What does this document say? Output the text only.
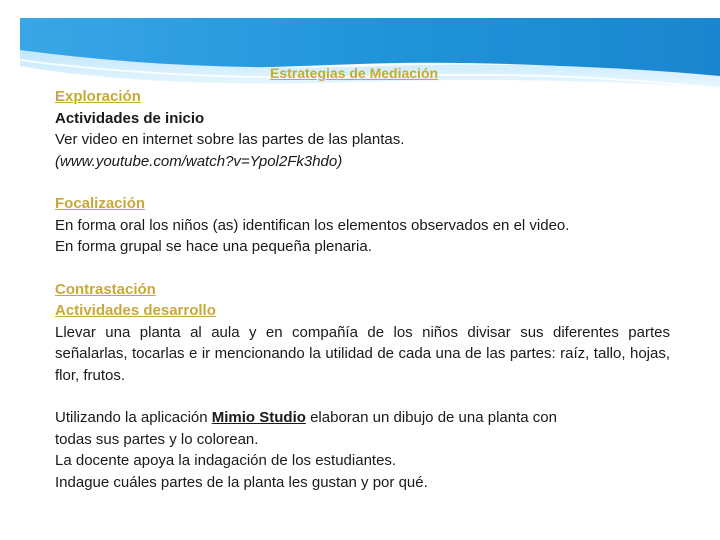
Estrategias de Mediación
Exploración
Actividades de inicio
Ver video en internet sobre las partes de las plantas.
(www.youtube.com/watch?v=Ypol2Fk3hdo)
Focalización
En forma oral los niños (as) identifican los elementos observados en el video.
En forma grupal se hace una pequeña plenaria.
Contrastación
Actividades desarrollo
Llevar una planta al aula y en compañía de los niños divisar sus diferentes partes señalarlas, tocarlas e ir mencionando la utilidad de cada una de las partes: raíz, tallo, hojas, flor, frutos.
Utilizando la aplicación Mimio Studio elaboran un dibujo de una planta con
todas sus partes y lo colorean.
La docente apoya la indagación de los estudiantes.
Indague cuáles partes de la planta les gustan y por qué.
